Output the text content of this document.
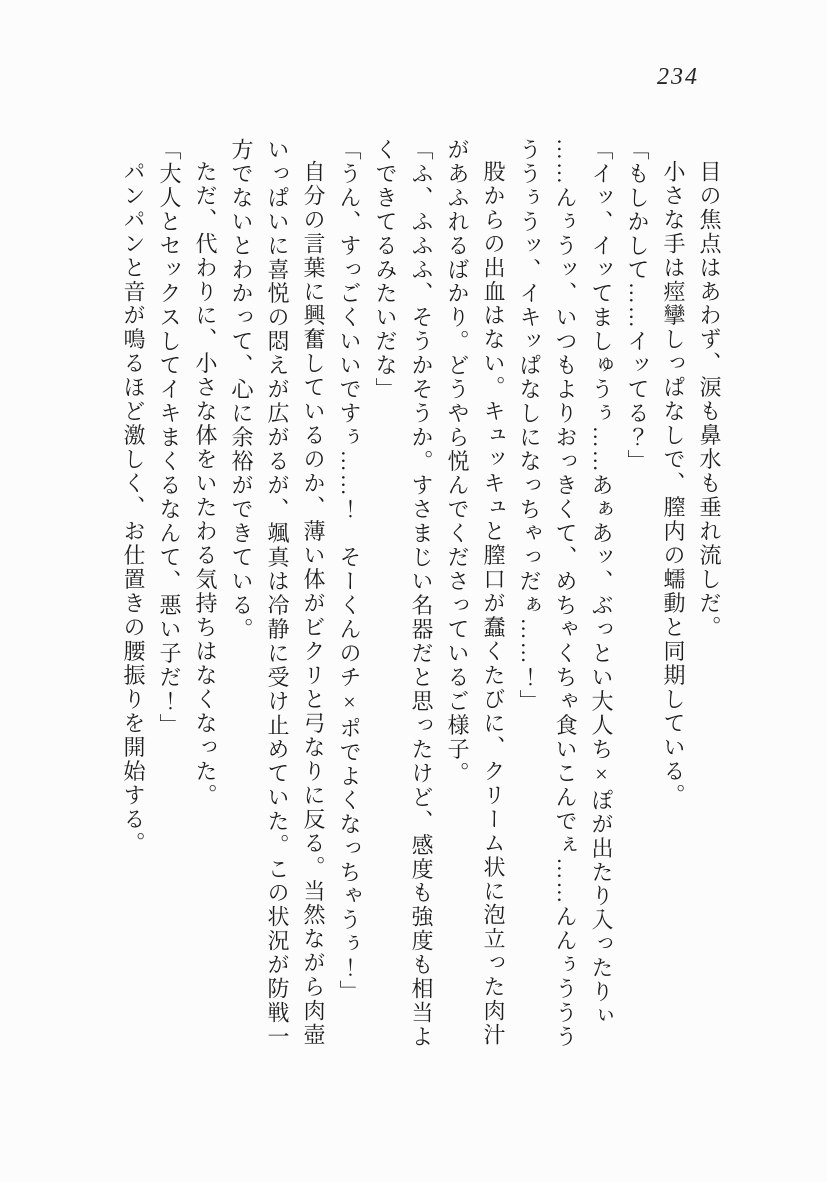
234

目の焦点はあわず、涙も鼻水も垂れ流しだ。

小さな手は痙攣しっぱなしで、膣内の蠕動と同期している。

「もしかして……イッてる？」

「イッ、イッてましゅうぅ……あぁあッ、ぶっとい大人ち×ぽが出たり入ったりぃ

……んぅうッ、いつもよりおっきくて、めちゃくちゃ食いこんでぇ……んんぅううう

ううぅうッ、イキッぱなしになっちゃっだぁ……！」

股からの出血はない。キュッキュと膣口が蠢くたびに、クリーム状に泡立った肉汁

があふれるばかり。どうやら悦んでくださっているご様子。

「ふ、ふふふ、そうかそうか。すさまじい名器だと思ったけど、感度も強度も相当よ

くできてるみたいだな」

「うん、すっごくいいですぅ……！　そーくんのチ×ポでよくなっちゃうぅ！」

自分の言葉に興奮しているのか、薄い体がビクリと弓なりに反る。当然ながら肉壺

いっぱいに喜悦の悶えが広がるが、颯真は冷静に受け止めていた。この状況が防戦一

方でないとわかって、心に余裕ができている。

ただ、代わりに、小さな体をいたわる気持ちはなくなった。

「大人とセックスしてイキまくるなんて、悪い子だ！」

パンパンと音が鳴るほど激しく、お仕置きの腰振りを開始する。
